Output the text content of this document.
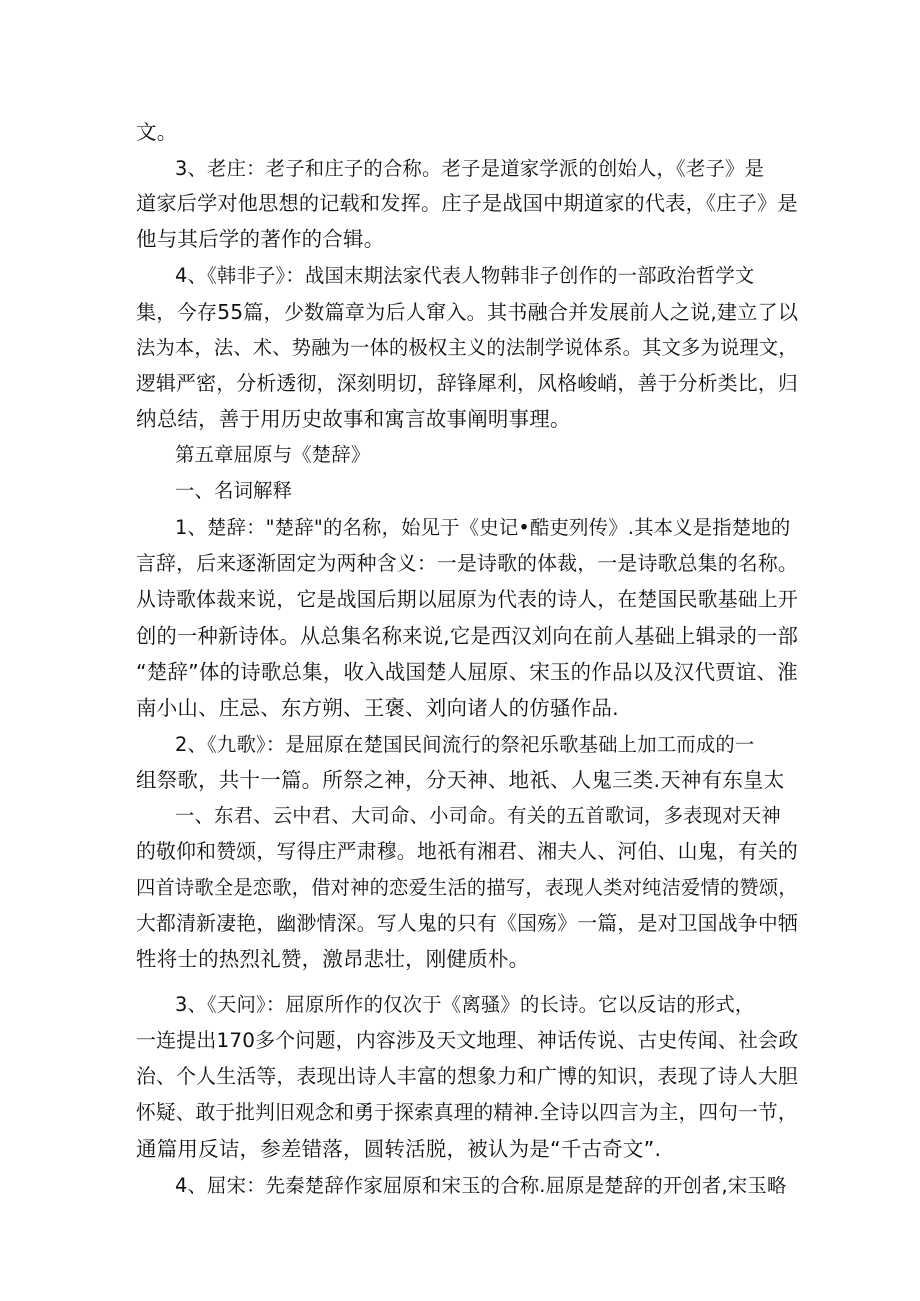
文。
3、老庄：老子和庄子的合称。老子是道家学派的创始人，《老子》是
道家后学对他思想的记载和发挥。庄子是战国中期道家的代表，《庄子》是
他与其后学的著作的合辑。
4、《韩非子》：战国末期法家代表人物韩非子创作的一部政治哲学文
集，今存55篇，少数篇章为后人窜入。其书融合并发展前人之说,建立了以
法为本，法、术、势融为一体的极权主义的法制学说体系。其文多为说理文，
逻辑严密，分析透彻，深刻明切，辞锋犀利，风格峻峭，善于分析类比，归
纳总结，善于用历史故事和寓言故事阐明事理。
第五章屈原与《楚辞》
一、名词解释
1、楚辞："楚辞"的名称，始见于《史记•酷吏列传》.其本义是指楚地的
言辞，后来逐渐固定为两种含义：一是诗歌的体裁，一是诗歌总集的名称。
从诗歌体裁来说，它是战国后期以屈原为代表的诗人，在楚国民歌基础上开
创的一种新诗体。从总集名称来说,它是西汉刘向在前人基础上辑录的一部
“楚辞”体的诗歌总集，收入战国楚人屈原、宋玉的作品以及汉代贾谊、淮
南小山、庄忌、东方朔、王褒、刘向诸人的仿骚作品.
2、《九歌》：是屈原在楚国民间流行的祭祀乐歌基础上加工而成的一
组祭歌，共十一篇。所祭之神，分天神、地祇、人鬼三类.天神有东皇太
一、东君、云中君、大司命、小司命。有关的五首歌词，多表现对天神
的敬仰和赞颂，写得庄严肃穆。地祇有湘君、湘夫人、河伯、山鬼，有关的
四首诗歌全是恋歌，借对神的恋爱生活的描写，表现人类对纯洁爱情的赞颂，
大都清新凄艳，幽渺情深。写人鬼的只有《国殇》一篇，是对卫国战争中牺
牲将士的热烈礼赞，激昂悲壮，刚健质朴。
3、《天问》：屈原所作的仅次于《离骚》的长诗。它以反诘的形式，
一连提出170多个问题，内容涉及天文地理、神话传说、古史传闻、社会政
治、个人生活等，表现出诗人丰富的想象力和广博的知识，表现了诗人大胆
怀疑、敢于批判旧观念和勇于探索真理的精神.全诗以四言为主，四句一节，
通篇用反诘，参差错落，圆转活脱，被认为是“千古奇文”.
4、屈宋：先秦楚辞作家屈原和宋玉的合称.屈原是楚辞的开创者,宋玉略
